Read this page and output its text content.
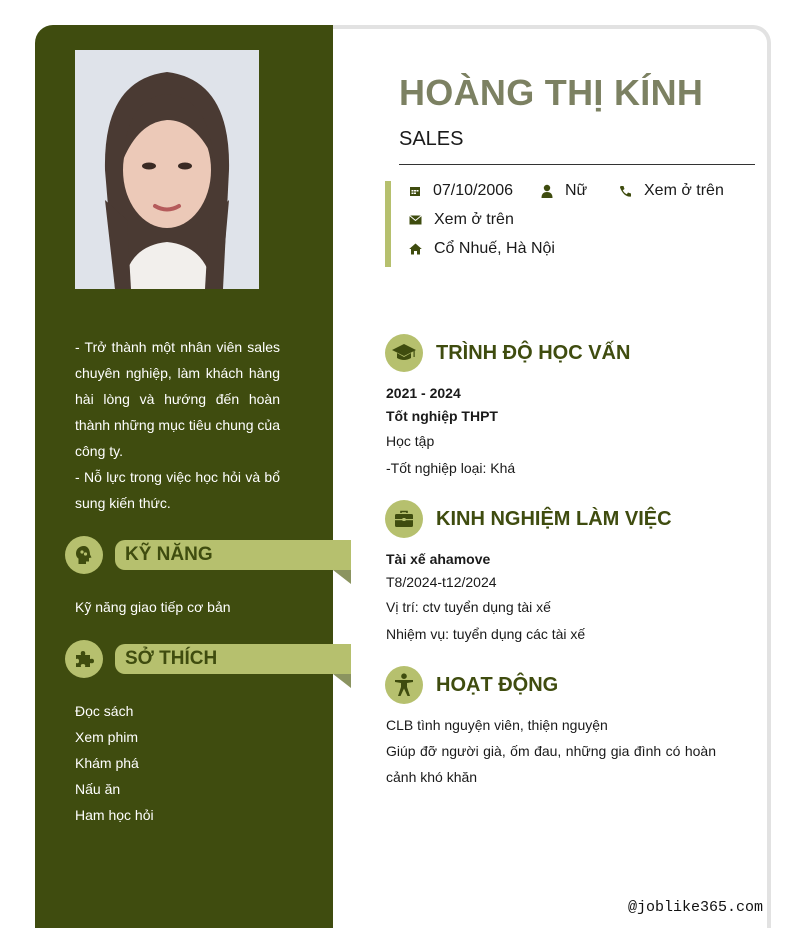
- Trở thành một nhân viên sales chuyên nghiệp, làm khách hàng hài lòng và hướng đến hoàn thành những mục tiêu chung của công ty.

- Nỗ lực trong việc học hỏi và bổ sung kiến thức.

KỸ NĂNG
Kỹ năng giao tiếp cơ bản
SỞ THÍCH
Đọc sách
Xem phim
Khám phá
Nấu ăn
Ham học hỏi
HOÀNG THỊ KÍNH
SALES
07/10/2006	Nữ	Xem ở trên
Xem ở trên
Cổ Nhuế, Hà Nội
TRÌNH ĐỘ HỌC VẤN
2021 - 2024
Tốt nghiệp THPT
Học tập
-Tốt nghiệp loại: Khá
KINH NGHIỆM LÀM VIỆC
Tài xế ahamove
T8/2024-t12/2024
Vị trí: ctv tuyển dụng tài xế
Nhiệm vụ: tuyển dụng các tài xế
HOẠT ĐỘNG
CLB tình nguyện viên, thiện nguyện
Giúp đỡ người già, ốm đau, những gia đình có hoàn cảnh khó khăn
@joblike365.com
